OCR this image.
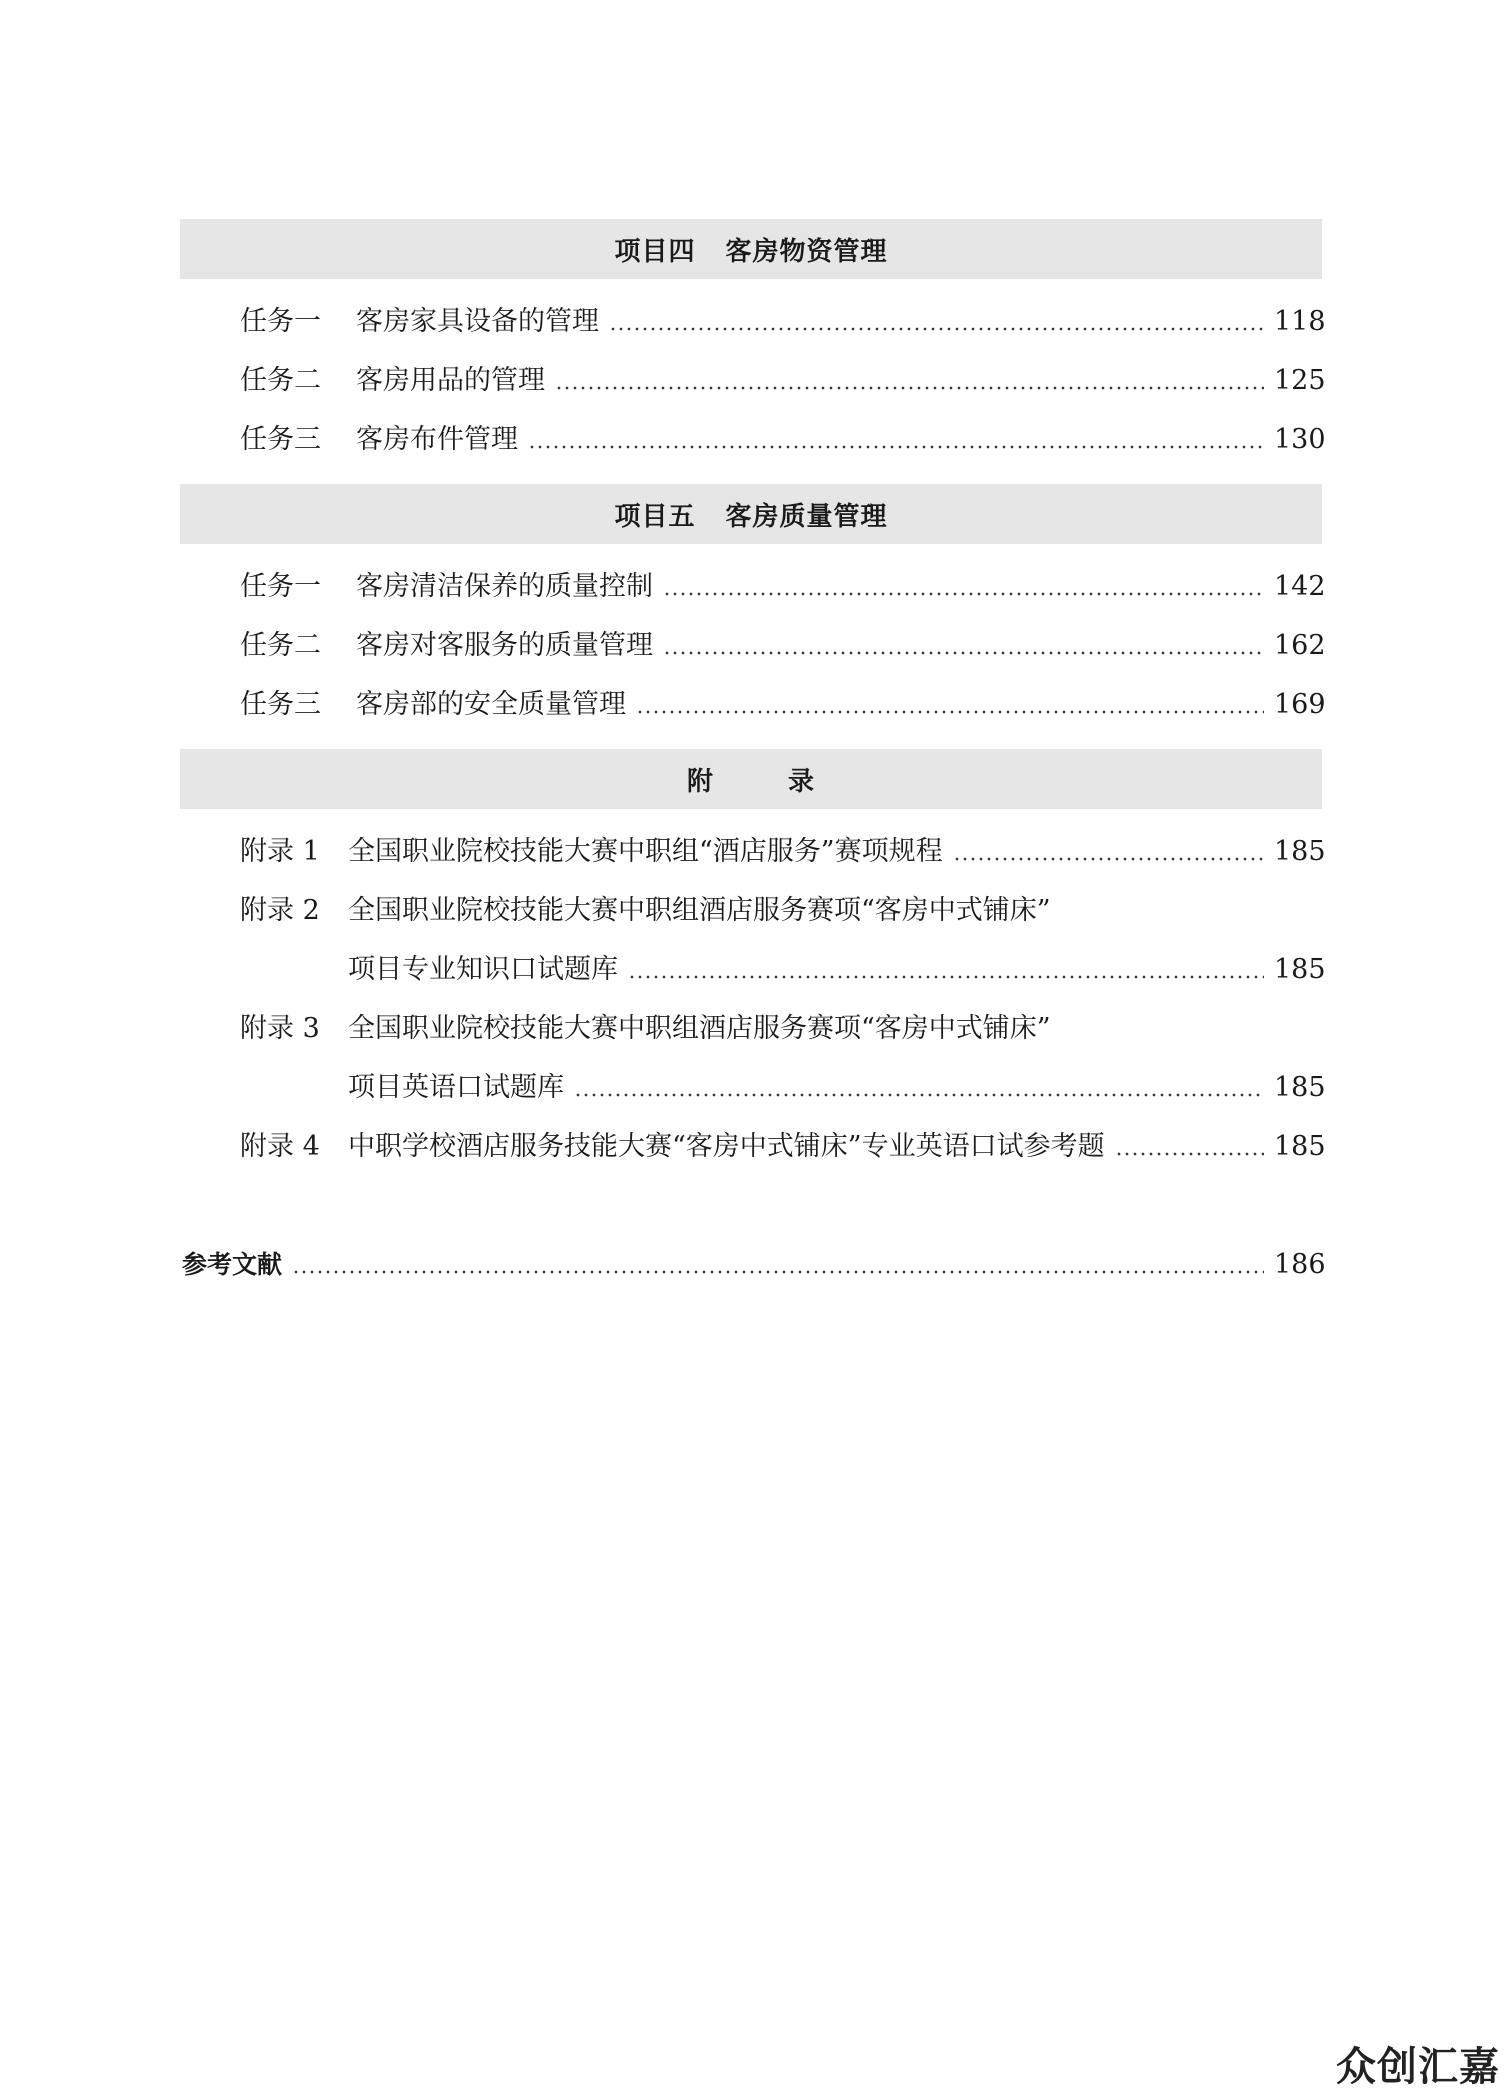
项目四 客房物资管理
任务一 客房家具设备的管理	118
任务二 客房用品的管理	125
任务三 客房布件管理	130
项目五 客房质量管理
任务一 客房清洁保养的质量控制	142
任务二 客房对客服务的质量管理	162
任务三 客房部的安全质量管理	169
附	录
附录 1 全国职业院校技能大赛中职组“酒店服务”赛项规程	185
附录 2 全国职业院校技能大赛中职组酒店服务赛项“客房中式铺床”
项目专业知识口试题库	185
附录 3 全国职业院校技能大赛中职组酒店服务赛项“客房中式铺床”
项目英语口试题库	185
附录 4 中职学校酒店服务技能大赛“客房中式铺床”专业英语口试参考题	185
参考文献	186
众创汇嘉
